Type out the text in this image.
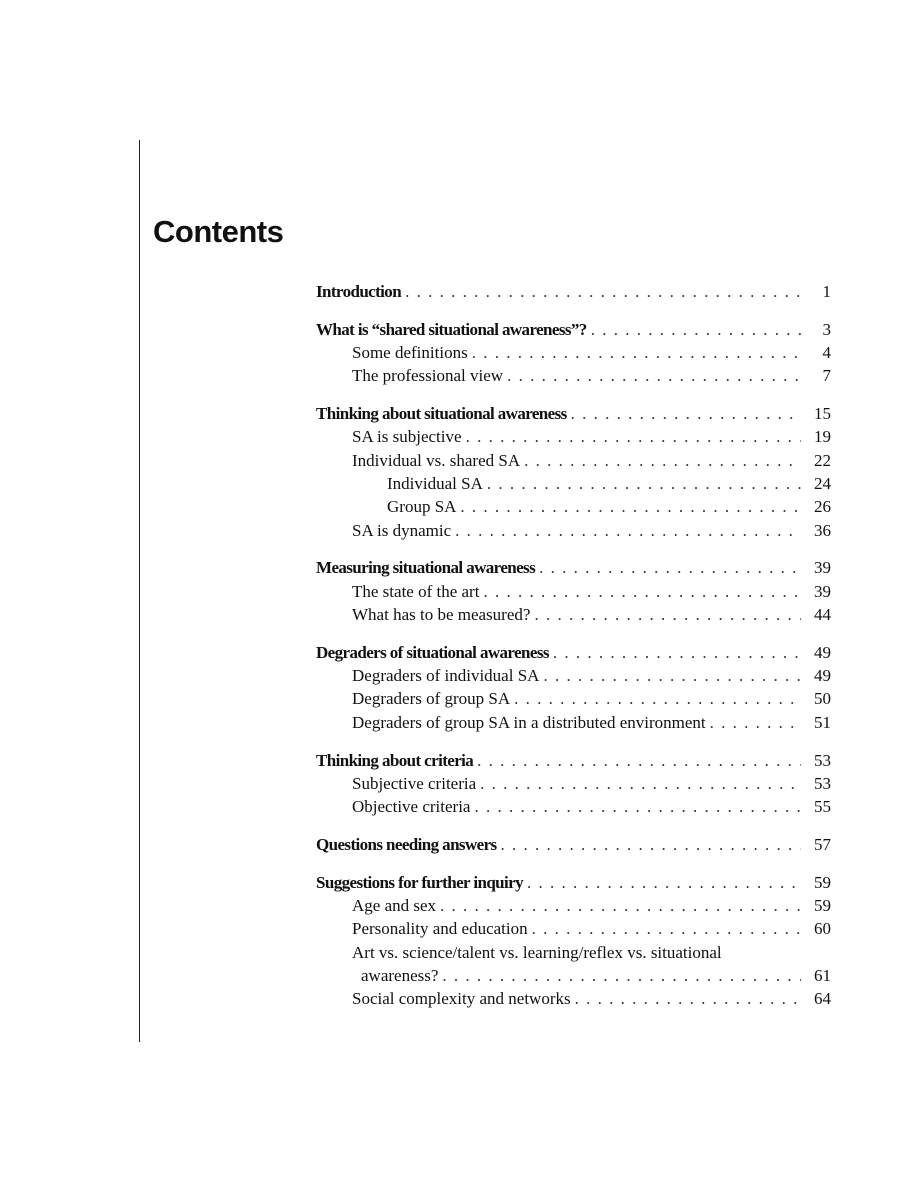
Contents
Introduction . . .	1
What is “shared situational awareness”? . . .	3
Some definitions . . .	4
The professional view . . .	7
Thinking about situational awareness . . .	15
SA is subjective . . .	19
Individual vs. shared SA . . .	22
Individual SA . . .	24
Group SA . . .	26
SA is dynamic . . .	36
Measuring situational awareness . . .	39
The state of the art . . .	39
What has to be measured? . . .	44
Degraders of situational awareness . . .	49
Degraders of individual SA . . .	49
Degraders of group SA . . .	50
Degraders of group SA in a distributed environment . . .	51
Thinking about criteria . . .	53
Subjective criteria . . .	53
Objective criteria . . .	55
Questions needing answers . . .	57
Suggestions for further inquiry . . .	59
Age and sex . . .	59
Personality and education . . .	60
Art vs. science/talent vs. learning/reflex vs. situational
awareness? . . .	61
Social complexity and networks . . .	64
